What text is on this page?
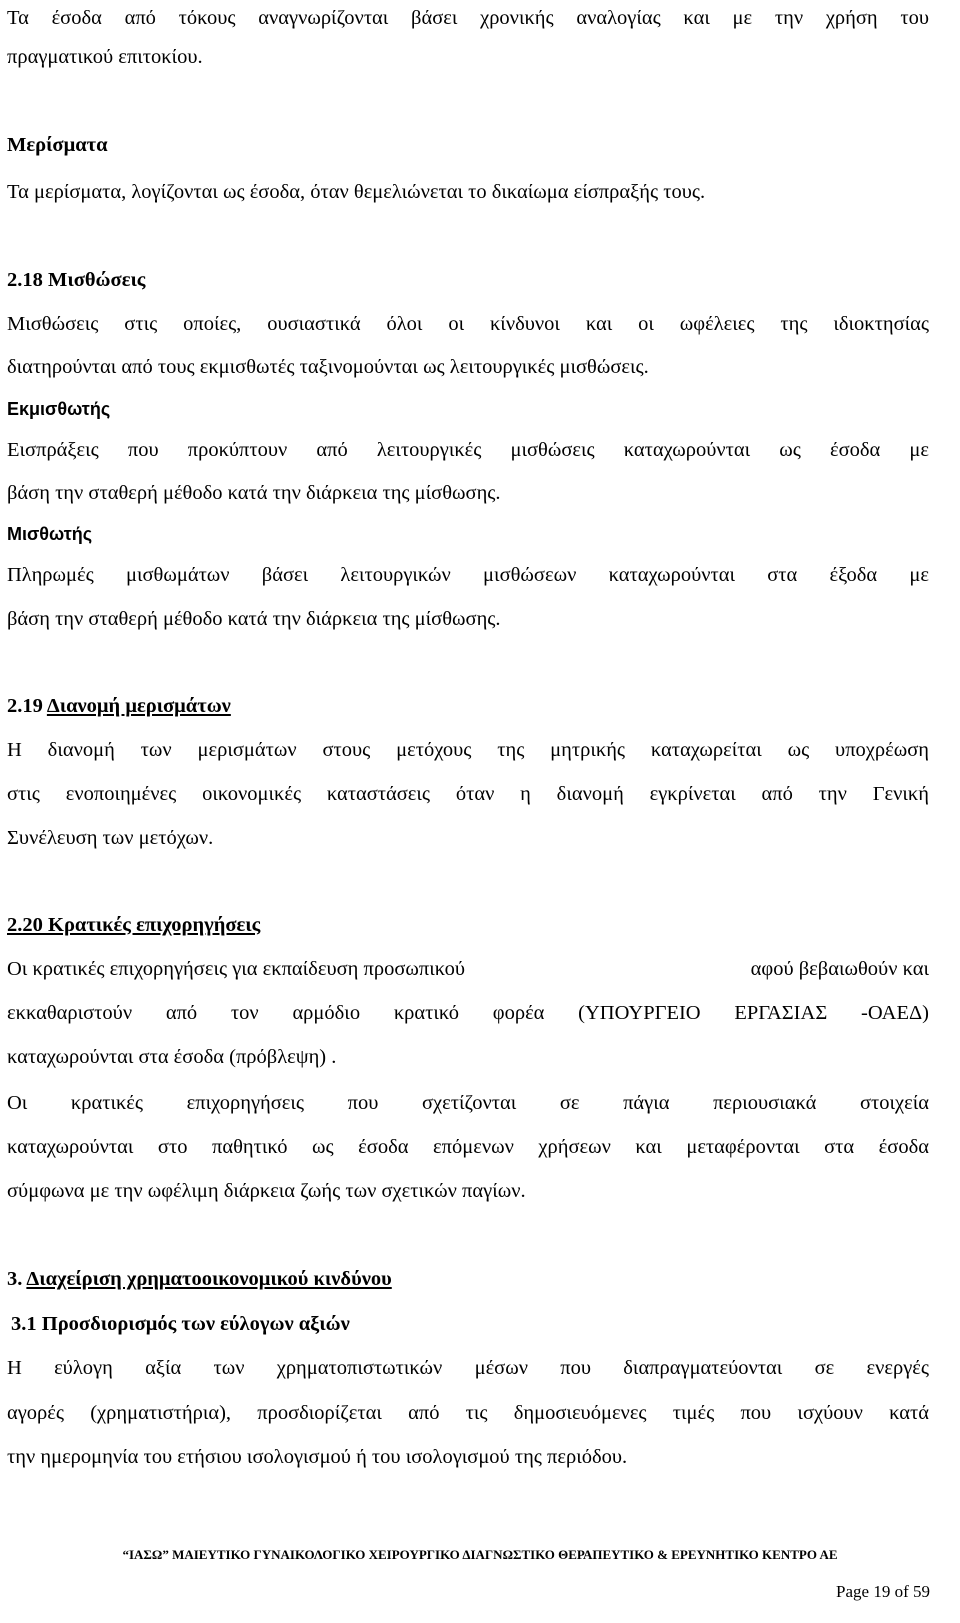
Τα έσοδα από τόκους αναγνωρίζονται βάσει χρονικής αναλογίας και με την χρήση του

πραγματικού επιτοκίου.

Μερίσματα

Τα μερίσματα, λογίζονται ως έσοδα, όταν θεμελιώνεται το δικαίωμα είσπραξής τους.

2.18 Μισθώσεις

Μισθώσεις στις οποίες, ουσιαστικά όλοι οι κίνδυνοι και οι ωφέλειες της ιδιοκτησίας

διατηρούνται από τους εκμισθωτές ταξινομούνται ως λειτουργικές μισθώσεις.

Εκμισθωτής

Εισπράξεις που προκύπτουν από λειτουργικές μισθώσεις καταχωρούνται ως έσοδα με

βάση την σταθερή μέθοδο κατά την διάρκεια της μίσθωσης.

Μισθωτής

Πληρωμές μισθωμάτων βάσει λειτουργικών μισθώσεων καταχωρούνται στα έξοδα με

βάση την σταθερή μέθοδο κατά την διάρκεια της μίσθωσης.

2.19 Διανομή μερισμάτων

Η διανομή των μερισμάτων στους μετόχους της μητρικής καταχωρείται ως υποχρέωση

στις ενοποιημένες οικονομικές καταστάσεις όταν η διανομή εγκρίνεται από την Γενική

Συνέλευση των μετόχων.

2.20 Κρατικές επιχορηγήσεις

Οι κρατικές επιχορηγήσεις για εκπαίδευση προσωπικού	αφού βεβαιωθούν και

εκκαθαριστούν από τον αρμόδιο κρατικό φορέα (ΥΠΟΥΡΓΕΙΟ ΕΡΓΑΣΙΑΣ -ΟΑΕΔ)

καταχωρούνται στα έσοδα (πρόβλεψη) .

Οι κρατικές επιχορηγήσεις που σχετίζονται σε πάγια περιουσιακά στοιχεία

καταχωρούνται στο παθητικό ως έσοδα επόμενων χρήσεων και μεταφέρονται στα έσοδα

σύμφωνα με την ωφέλιμη διάρκεια ζωής των σχετικών παγίων.

3. Διαχείριση χρηματοοικονομικού κινδύνου

3.1 Προσδιορισμός των εύλογων αξιών

Η εύλογη αξία των χρηματοπιστωτικών μέσων που διαπραγματεύονται σε ενεργές

αγορές (χρηματιστήρια), προσδιορίζεται από τις δημοσιευόμενες τιμές που ισχύουν κατά

την ημερομηνία του ετήσιου ισολογισμού ή του ισολογισμού της περιόδου.

“ΙΑΣΩ” ΜΑΙΕΥΤΙΚΟ ΓΥΝΑΙΚΟΛΟΓΙΚΟ ΧΕΙΡΟΥΡΓΙΚΟ ΔΙΑΓΝΩΣΤΙΚΟ ΘΕΡΑΠΕΥΤΙΚΟ & ΕΡΕΥΝΗΤΙΚΟ ΚΕΝΤΡΟ ΑΕ
Page 19 of 59
